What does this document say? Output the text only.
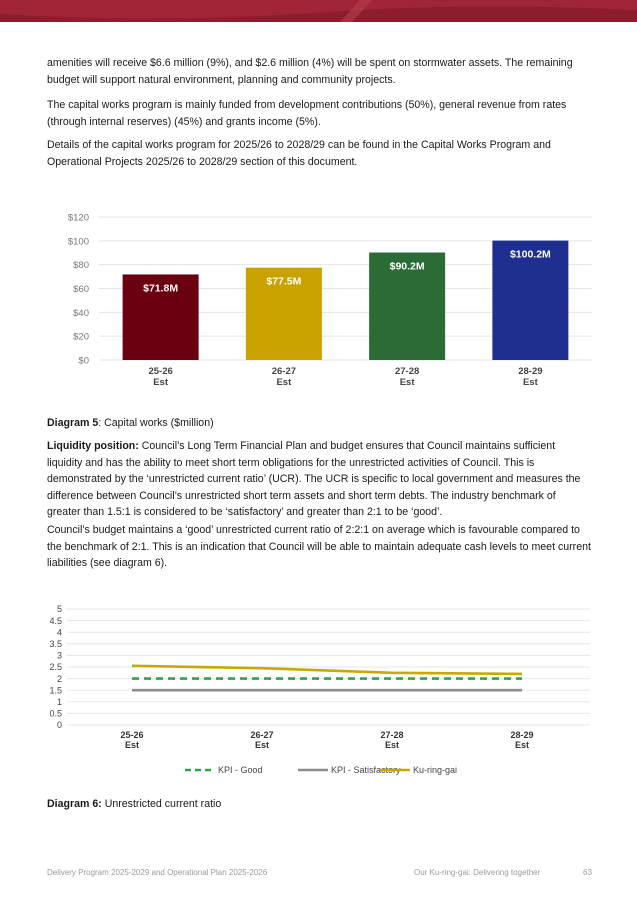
amenities will receive $6.6 million (9%), and $2.6 million (4%) will be spent on stormwater assets. The remaining budget will support natural environment, planning and community projects.

The capital works program is mainly funded from development contributions (50%), general revenue from rates (through internal reserves) (45%) and grants income (5%).

Details of the capital works program for 2025/26 to 2028/29 can be found in the Capital Works Program and Operational Projects 2025/26 to 2028/29 section of this document.

$0
$20
$40
$60
$80
$100
$120
$71.8M
$77.5M
$90.2M
$100.2M
25-26
Est
26-27
Est
27-28
Est
28-29
Est

Diagram 5: Capital works ($million)

Liquidity position: Council’s Long Term Financial Plan and budget ensures that Council maintains sufficient liquidity and has the ability to meet short term obligations for the unrestricted activities of Council. This is demonstrated by the ‘unrestricted current ratio’ (UCR). The UCR is specific to local government and measures the difference between Council’s unrestricted short term assets and short term debts. The industry benchmark of greater than 1.5:1 is considered to be ‘satisfactory’ and greater than 2:1 to be ‘good’.

Council’s budget maintains a ‘good’ unrestricted current ratio of 2:2:1 on average which is favourable compared to the benchmark of 2:1. This is an indication that Council will be able to maintain adequate cash levels to meet current liabilities (see diagram 6).

0
0.5
1
1.5
2
2.5
3
3.5
4
4.5
5
25-26
Est
26-27
Est
27-28
Est
28-29
Est
KPI - Good	KPI - Satisfactory Ku-ring-gai

Diagram 6: Unrestricted current ratio

Delivery Program 2025-2029 and Operational Plan 2025-2026	Our Ku-ring-gai: Delivering together	63
